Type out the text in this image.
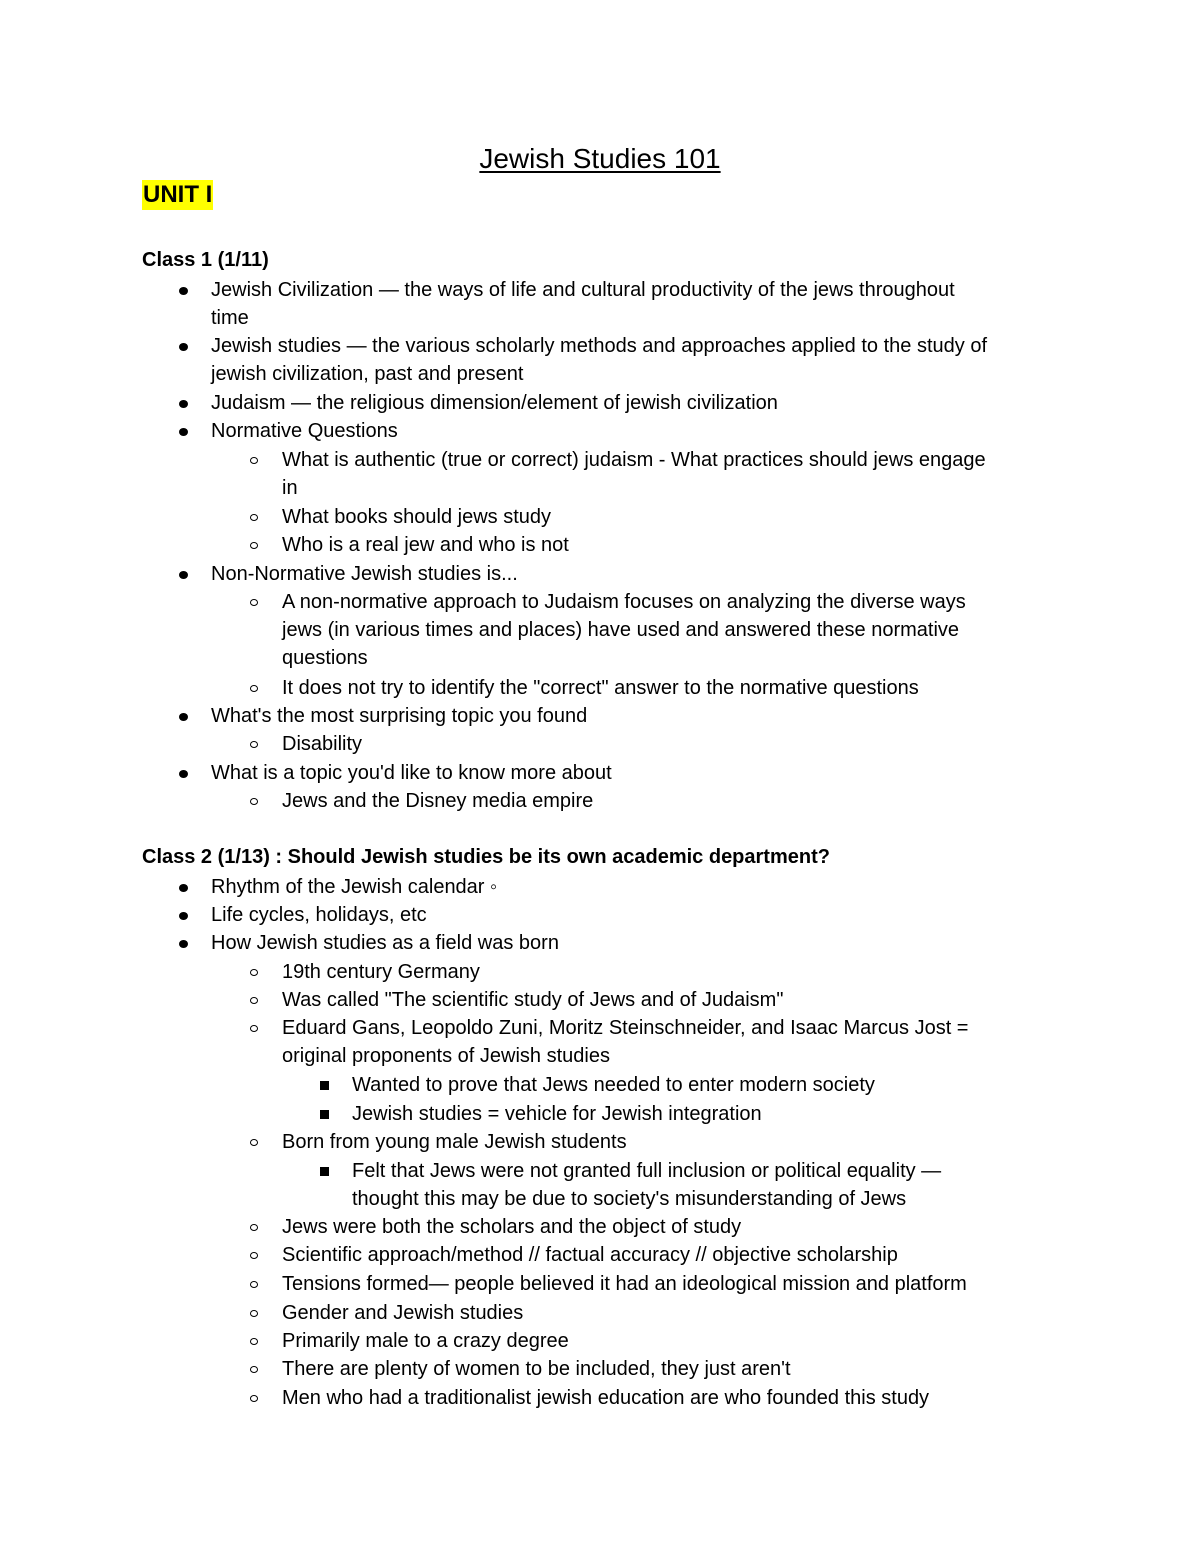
Jewish Studies 101
UNIT I
Class 1 (1/11)
Jewish Civilization — the ways of life and cultural productivity of the jews throughout
time
Jewish studies — the various scholarly methods and approaches applied to the study of
jewish civilization, past and present
Judaism — the religious dimension/element of jewish civilization
Normative Questions
What is authentic (true or correct) judaism - What practices should jews engage
in
What books should jews study
Who is a real jew and who is not
Non-Normative Jewish studies is...
A non-normative approach to Judaism focuses on analyzing the diverse ways
jews (in various times and places) have used and answered these normative
questions
It does not try to identify the "correct" answer to the normative questions
What's the most surprising topic you found
Disability
What is a topic you'd like to know more about
Jews and the Disney media empire
Class 2 (1/13) : Should Jewish studies be its own academic department?
Rhythm of the Jewish calendar ◦
Life cycles, holidays, etc
How Jewish studies as a field was born
19th century Germany
Was called "The scientific study of Jews and of Judaism"
Eduard Gans, Leopoldo Zuni, Moritz Steinschneider, and Isaac Marcus Jost =
original proponents of Jewish studies
Wanted to prove that Jews needed to enter modern society
Jewish studies = vehicle for Jewish integration
Born from young male Jewish students
Felt that Jews were not granted full inclusion or political equality —
thought this may be due to society's misunderstanding of Jews
Jews were both the scholars and the object of study
Scientific approach/method // factual accuracy // objective scholarship
Tensions formed— people believed it had an ideological mission and platform
Gender and Jewish studies
Primarily male to a crazy degree
There are plenty of women to be included, they just aren't
Men who had a traditionalist jewish education are who founded this study
